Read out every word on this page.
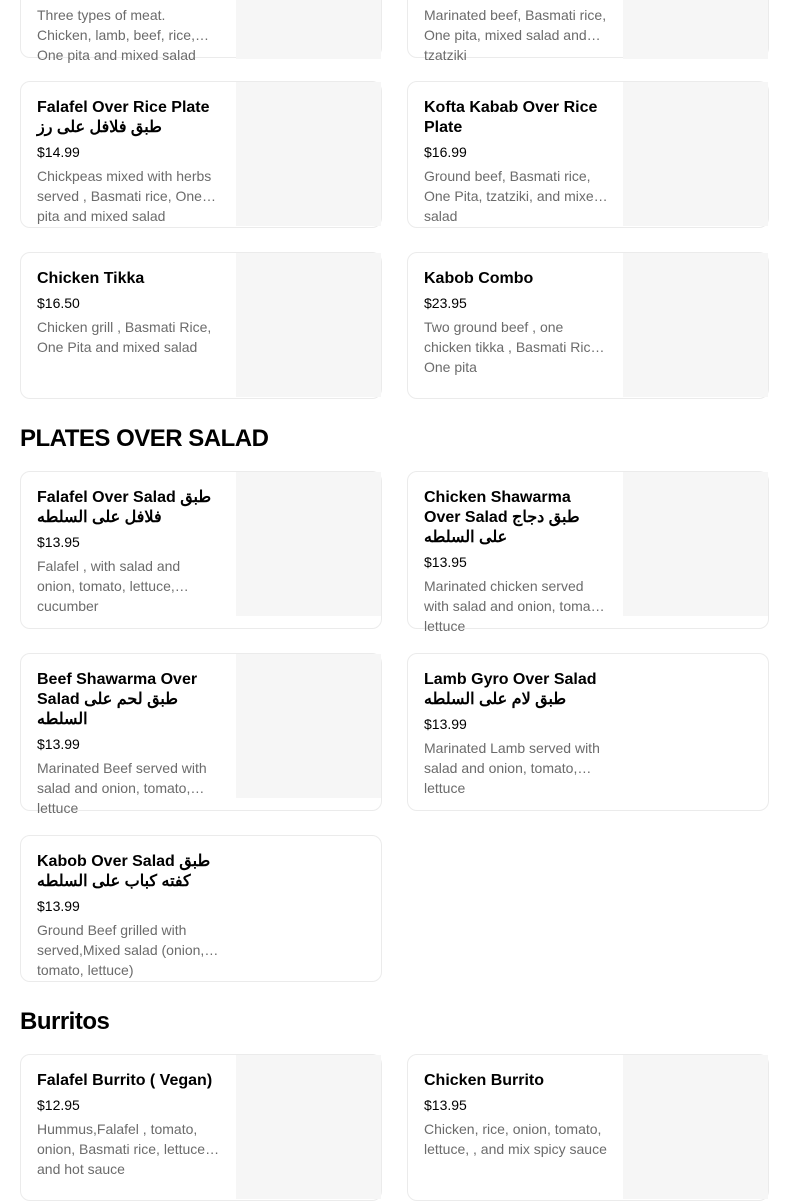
Three types of meat. Chicken, lamb, beef, rice, One pita and mixed salad
Marinated beef, Basmati rice, One pita, mixed salad and tzatziki
Falafel Over Rice Plate طبق فلافل على رز
$14.99
Chickpeas mixed with herbs served , Basmati rice, One pita and mixed salad
Kofta Kabab Over Rice Plate
$16.99
Ground beef, Basmati rice, One Pita, tzatziki, and mixed salad
Chicken Tikka
$16.50
Chicken grill , Basmati Rice, One Pita and mixed salad
Kabob Combo
$23.95
Two ground beef , one chicken tikka , Basmati Rice, One pita
PLATES OVER SALAD
Falafel Over Salad طبق فلافل على السلطه
$13.95
Falafel , with salad and onion, tomato, lettuce, cucumber
Chicken Shawarma Over Salad طبق دجاج على السلطه
$13.95
Marinated chicken served with salad and onion, tomato, lettuce
Beef Shawarma Over Salad طبق لحم على السلطه
$13.99
Marinated Beef served with salad and onion, tomato, lettuce
Lamb Gyro Over Salad طبق لام على السلطه
$13.99
Marinated Lamb served with salad and onion, tomato, lettuce
Kabob Over Salad طبق كفته كباب على السلطه
$13.99
Ground Beef grilled with served,Mixed salad (onion, tomato, lettuce)
Burritos
Falafel Burrito ( Vegan)
$12.95
Hummus,Falafel , tomato, onion, Basmati rice, lettuce and hot sauce
Chicken Burrito
$13.95
Chicken, rice, onion, tomato, lettuce, , and mix spicy sauce
